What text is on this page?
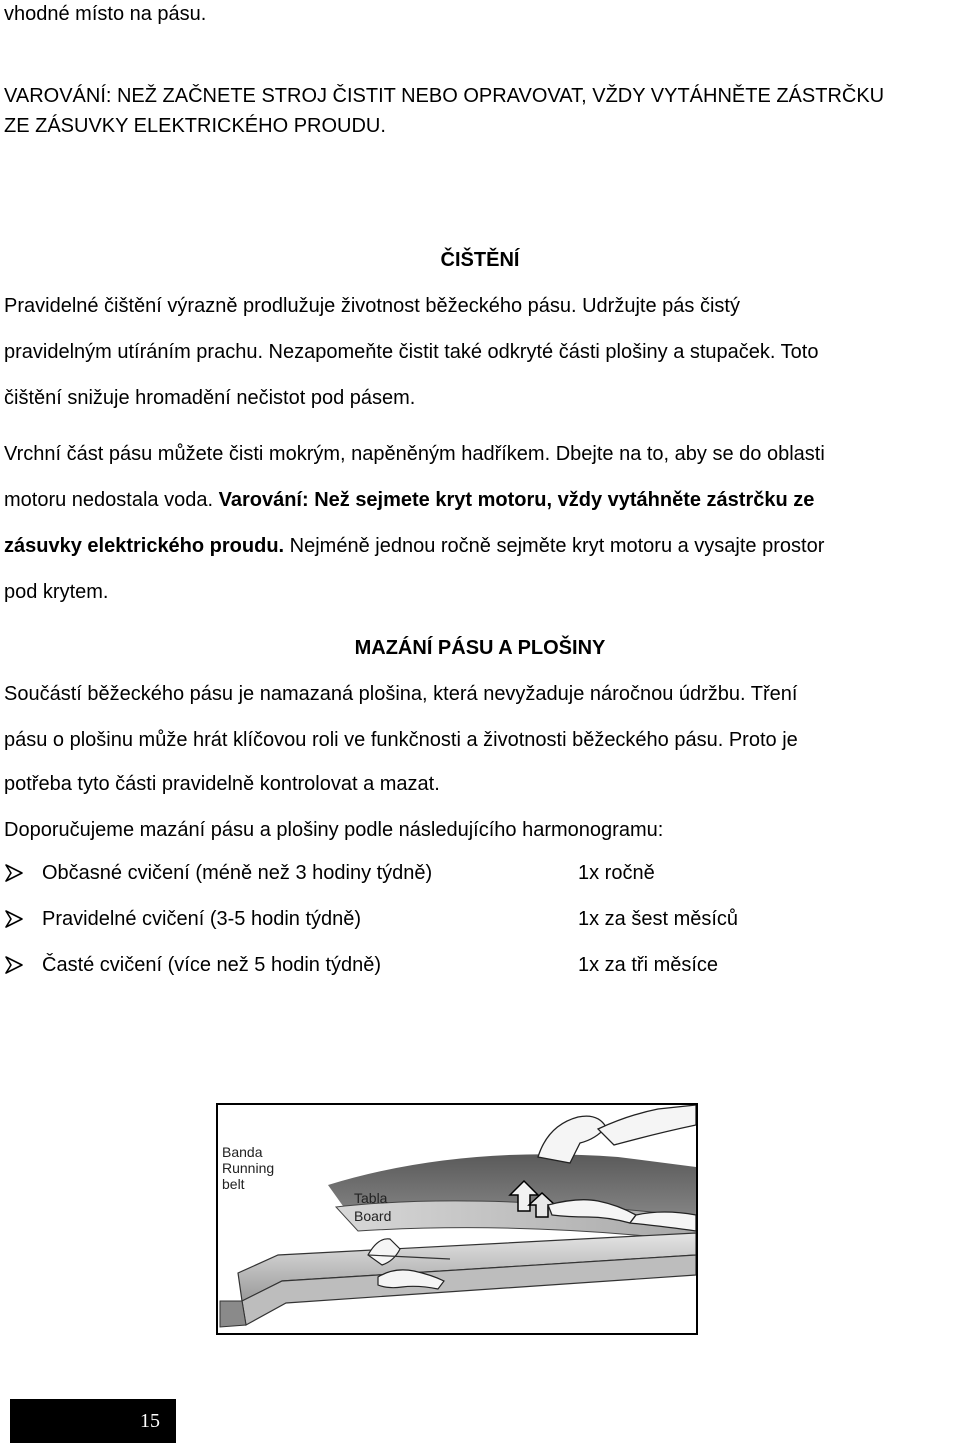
vhodné místo na pásu.
VAROVÁNÍ: NEŽ ZAČNETE STROJ ČISTIT NEBO OPRAVOVAT, VŽDY VYTÁHNĚTE ZÁSTRČKU
ZE ZÁSUVKY ELEKTRICKÉHO PROUDU.
ČIŠTĚNÍ
Pravidelné čištění výrazně prodlužuje životnost běžeckého pásu. Udržujte pás čistý
pravidelným utíráním prachu. Nezapomeňte čistit také odkryté části plošiny a stupaček. Toto
čištění snižuje hromadění nečistot pod pásem.
Vrchní část pásu můžete čisti mokrým, napěněným hadříkem. Dbejte na to, aby se do oblasti
motoru nedostala voda. Varování: Než sejmete kryt motoru, vždy vytáhněte zástrčku ze
zásuvky elektrického proudu. Nejméně jednou ročně sejměte kryt motoru a vysajte prostor
pod krytem.
MAZÁNÍ PÁSU A PLOŠINY
Součástí běžeckého pásu je namazaná plošina, která nevyžaduje náročnou údržbu. Tření
pásu o plošinu může hrát klíčovou roli ve funkčnosti a životnosti běžeckého pásu. Proto je
potřeba tyto části pravidelně kontrolovat a mazat.
Doporučujeme mazání pásu a plošiny podle následujícího harmonogramu:
Občasné cvičení (méně než 3 hodiny týdně)	1x ročně
Pravidelné cvičení (3-5 hodin týdně)	1x za šest měsíců
Časté cvičení (více než 5 hodin týdně)	1x za tři měsíce
Banda
Running
belt
Tabla
Board
15
